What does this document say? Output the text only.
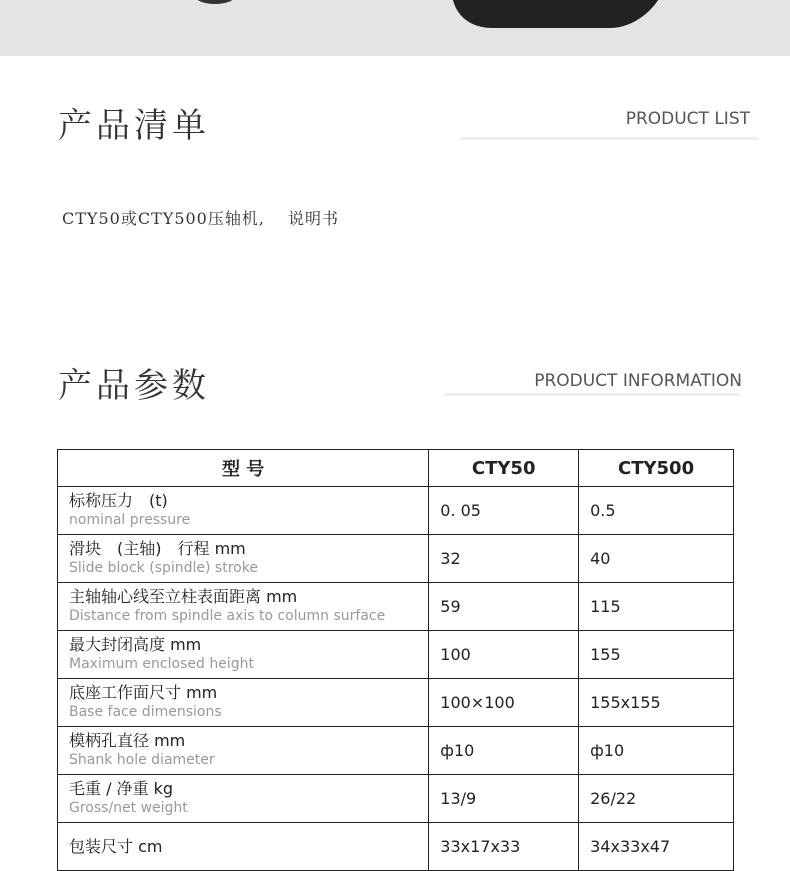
产品清单	PRODUCT LIST
CTY50或CTY500压轴机,　 说明书
产品参数	PRODUCT INFORMATION
型 号	CTY50	CTY500

标称压力　(t)
nominal pressure	0. 05	0.5

滑块　(主轴)　行程 mm
Slide block (spindle) stroke	32	40

主轴轴心线至立柱表面距离 mm
Distance from spindle axis to column surface	59	115

最大封闭高度 mm
Maximum enclosed height	100	155

底座工作面尺寸 mm
Base face dimensions	100×100	155x155

模柄孔直径 mm
Shank hole diameter	ф10	ф10

毛重 / 净重 kg
Gross/net weight	13/9	26/22

包装尺寸 cm	33x17x33	34x33x47
